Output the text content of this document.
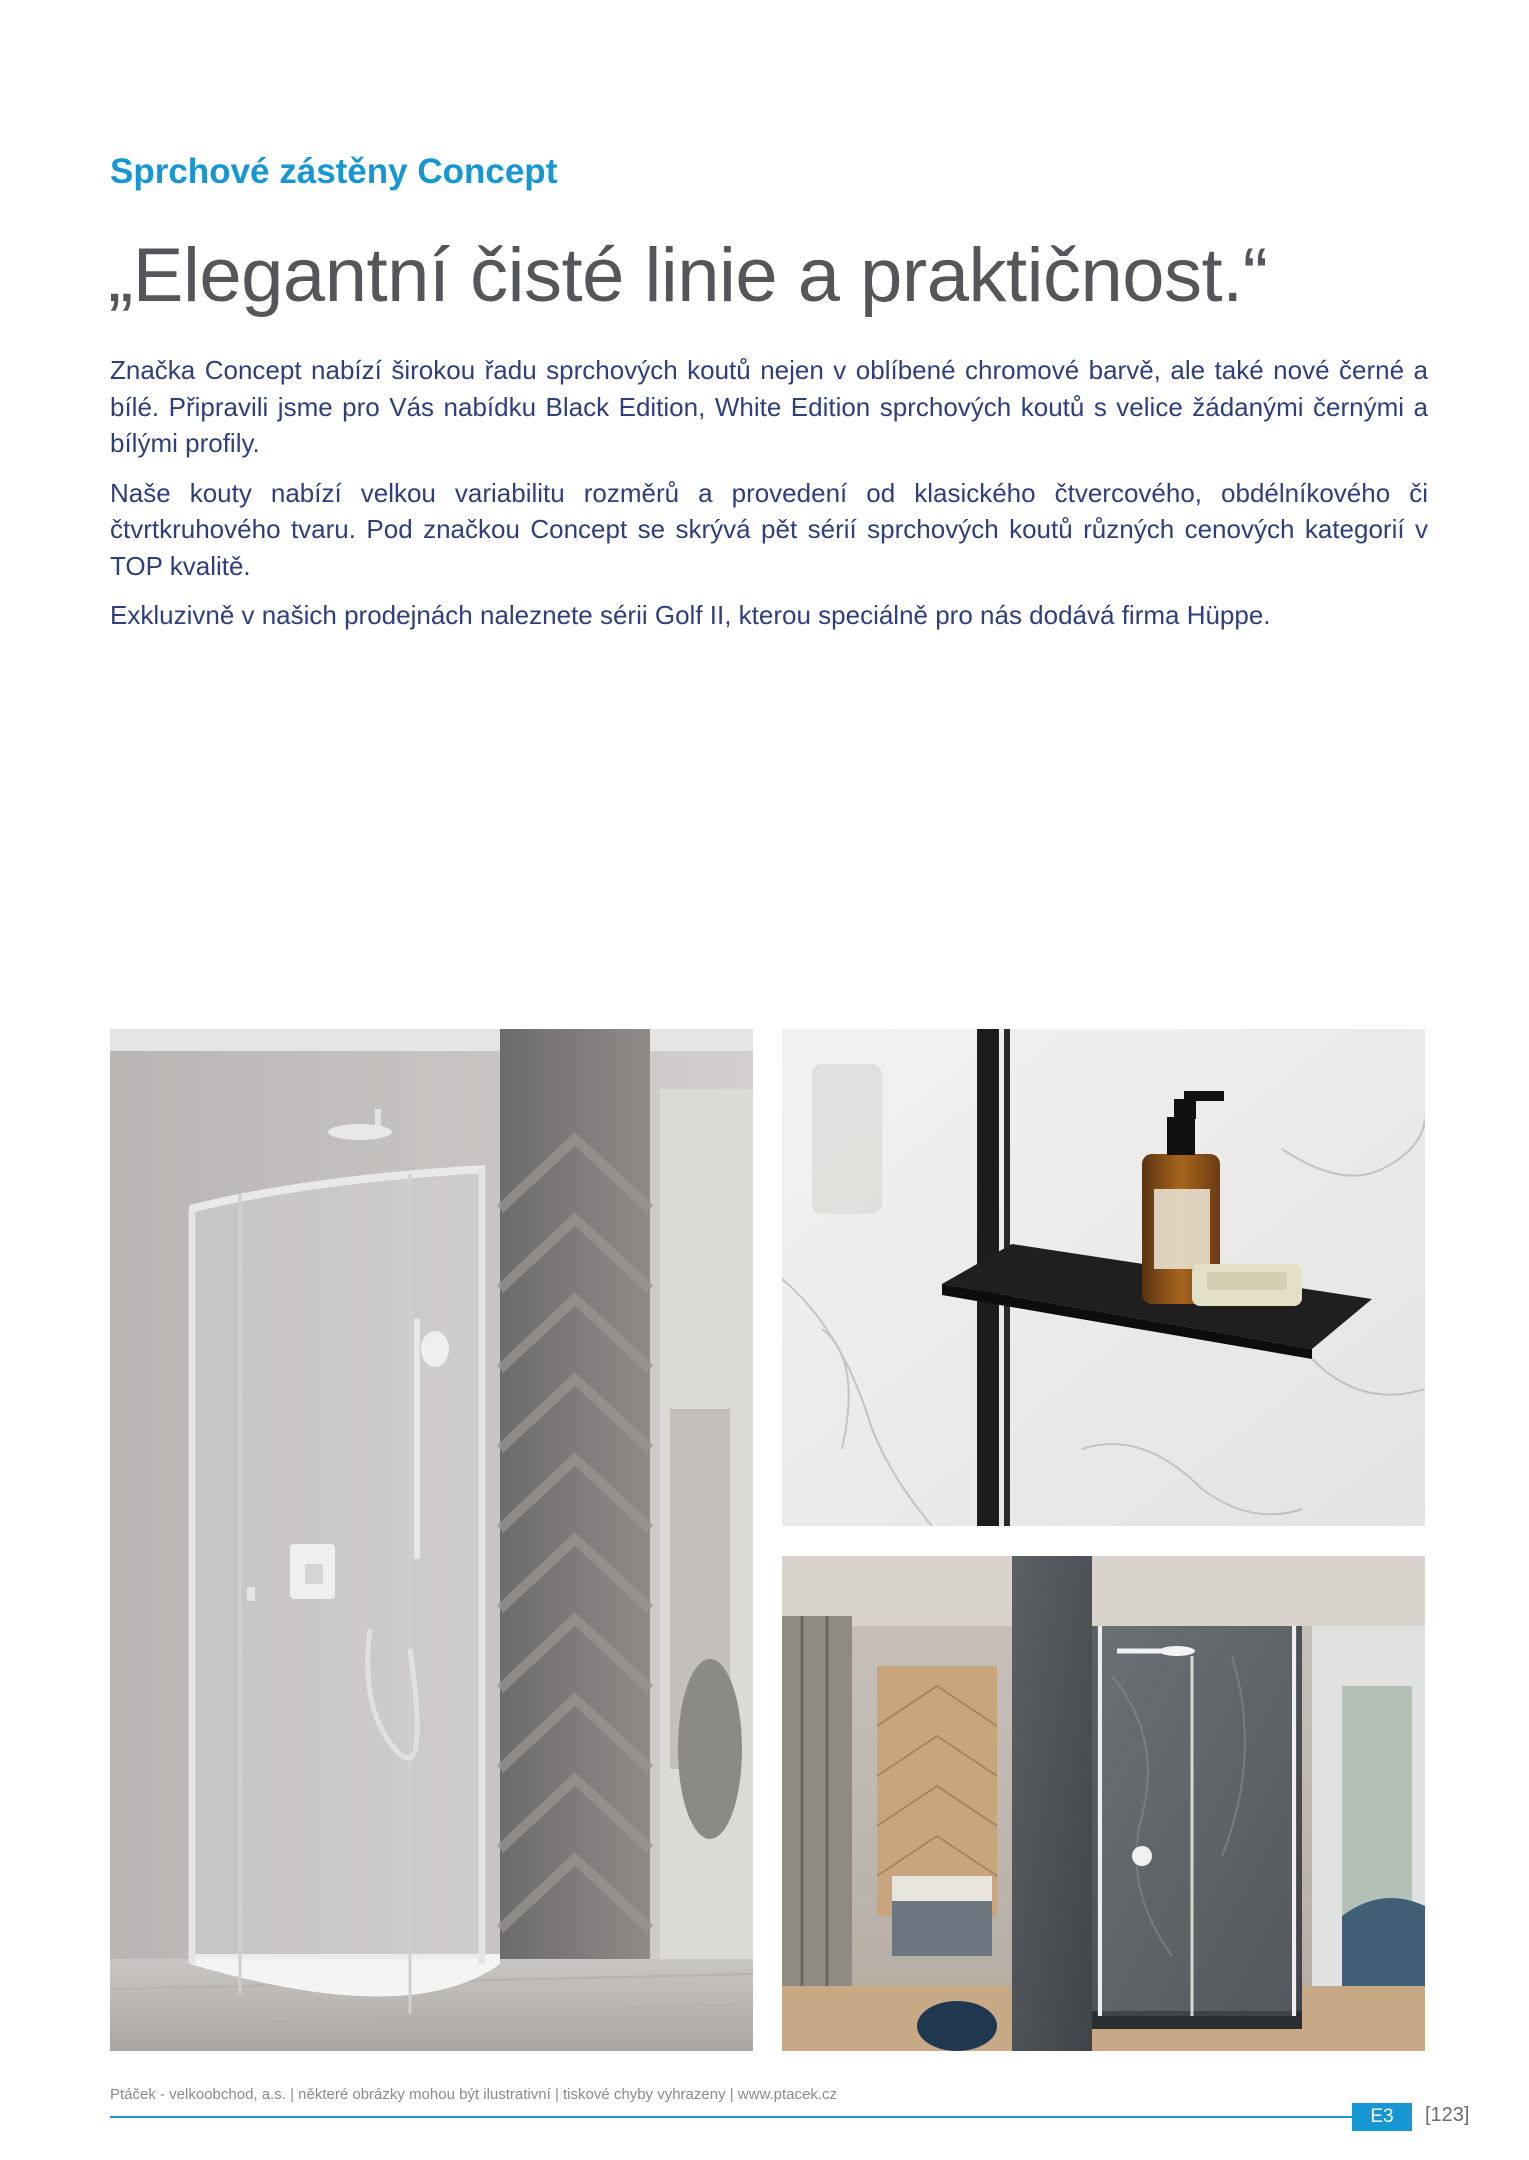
Sprchové zástěny Concept
„Elegantní čisté linie a praktičnost.“

Značka Concept nabízí širokou řadu sprchových koutů nejen v oblíbené chromové barvě, ale také nové černé a bílé. Připravili jsme pro Vás nabídku Black Edition, White Edition sprchových koutů s velice žádanými černými a bílými profily.

Naše kouty nabízí velkou variabilitu rozměrů a provedení od klasického čtvercového, obdélníkového či čtvrtkruhového tvaru. Pod značkou Concept se skrývá pět sérií sprchových koutů různých cenových kategorií v TOP kvalitě.

Exkluzivně v našich prodejnách naleznete sérii Golf II, kterou speciálně pro nás dodává firma Hüppe.

Ptáček - velkoobchod, a.s. | některé obrázky mohou být ilustrativní | tiskové chyby vyhrazeny | www.ptacek.cz
E3	[123]
